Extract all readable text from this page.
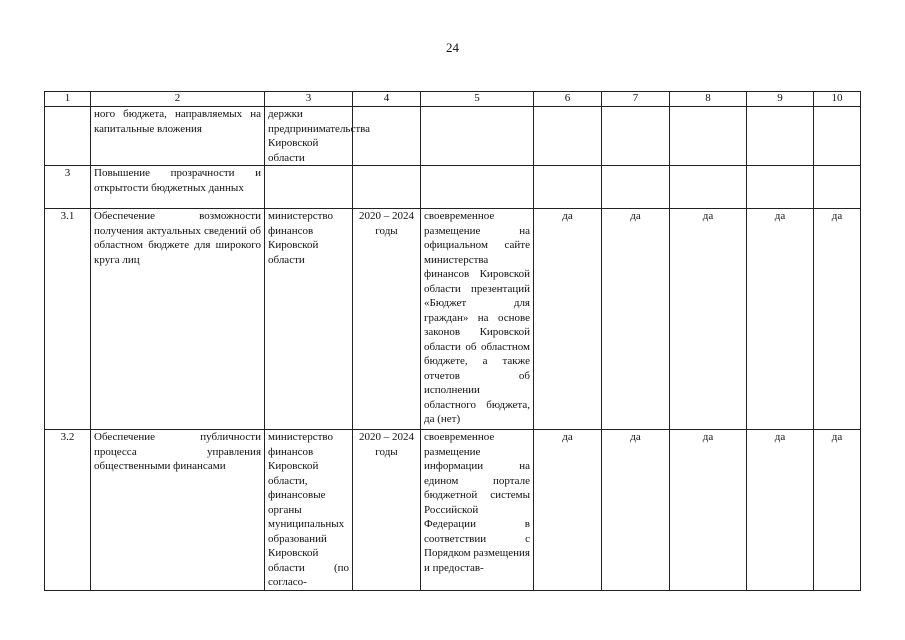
24
1	2	3	4	5	6	7	8	9	10
	ного бюджета, направляемых на капитальные вложения	держки предпринимательства Кировской области							
3	Повышение прозрачности и открытости бюджетных данных								
3.1	Обеспечение возможности получения актуальных сведений об областном бюджете для широкого круга лиц	министерство финансов Кировской области	2020 – 2024 годы	своевременное размещение на официальном сайте министерства финансов Кировской области презентаций «Бюджет для граждан» на основе законов Кировской области об областном бюджете, а также отчетов об исполнении областного бюджета, да (нет)	да	да	да	да	да
3.2	Обеспечение публичности процесса управления общественными финансами	министерство финансов Кировской области, финансовые органы муниципальных образований Кировской области (по согласо-	2020 – 2024 годы	своевременное размещение информации на едином портале бюджетной системы Российской Федерации в соответствии с Порядком размещения и предостав-	да	да	да	да	да
